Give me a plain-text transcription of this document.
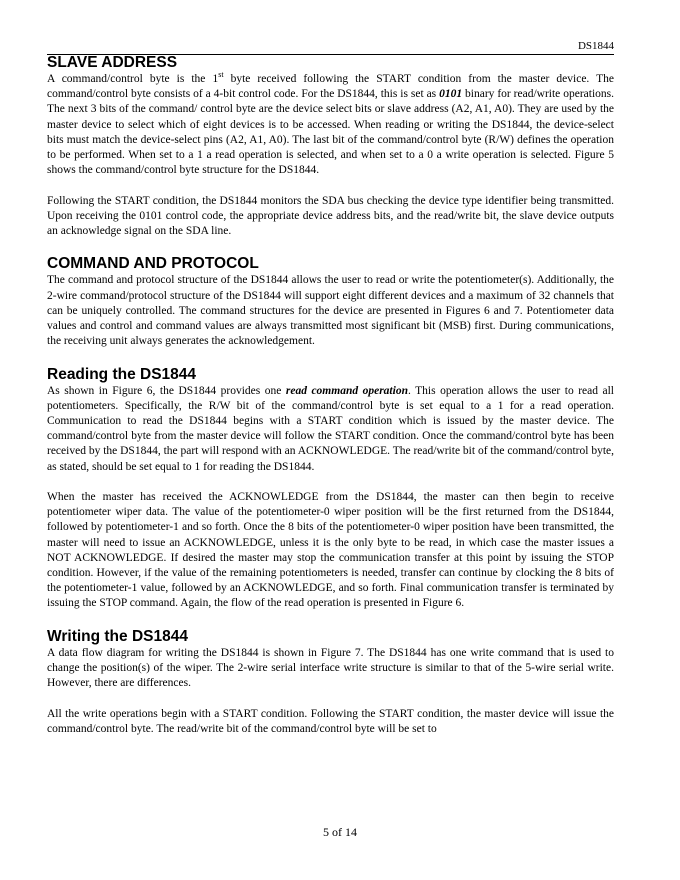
DS1844
SLAVE ADDRESS

A command/control byte is the 1st byte received following the START condition from the master device. The command/control byte consists of a 4-bit control code. For the DS1844, this is set as 0101 binary for read/write operations. The next 3 bits of the command/ control byte are the device select bits or slave address (A2, A1, A0). They are used by the master device to select which of eight devices is to be accessed. When reading or writing the DS1844, the device-select bits must match the device-select pins (A2, A1, A0). The last bit of the command/control byte (R/W) defines the operation to be performed. When set to a 1 a read operation is selected, and when set to a 0 a write operation is selected. Figure 5 shows the command/control byte structure for the DS1844.

Following the START condition, the DS1844 monitors the SDA bus checking the device type identifier being transmitted. Upon receiving the 0101 control code, the appropriate device address bits, and the read/write bit, the slave device outputs an acknowledge signal on the SDA line.

COMMAND AND PROTOCOL

The command and protocol structure of the DS1844 allows the user to read or write the potentiometer(s). Additionally, the 2-wire command/protocol structure of the DS1844 will support eight different devices and a maximum of 32 channels that can be uniquely controlled. The command structures for the device are presented in Figures 6 and 7. Potentiometer data values and control and command values are always transmitted most significant bit (MSB) first. During communications, the receiving unit always generates the acknowledgement.

Reading the DS1844

As shown in Figure 6, the DS1844 provides one read command operation. This operation allows the user to read all potentiometers. Specifically, the R/W bit of the command/control byte is set equal to a 1 for a read operation. Communication to read the DS1844 begins with a START condition which is issued by the master device. The command/control byte from the master device will follow the START condition. Once the command/control byte has been received by the DS1844, the part will respond with an ACKNOWLEDGE. The read/write bit of the command/control byte, as stated, should be set equal to 1 for reading the DS1844.

When the master has received the ACKNOWLEDGE from the DS1844, the master can then begin to receive potentiometer wiper data. The value of the potentiometer-0 wiper position will be the first returned from the DS1844, followed by potentiometer-1 and so forth. Once the 8 bits of the potentiometer-0 wiper position have been transmitted, the master will need to issue an ACKNOWLEDGE, unless it is the only byte to be read, in which case the master issues a NOT ACKNOWLEDGE. If desired the master may stop the communication transfer at this point by issuing the STOP condition. However, if the value of the remaining potentiometers is needed, transfer can continue by clocking the 8 bits of the potentiometer-1 value, followed by an ACKNOWLEDGE, and so forth. Final communication transfer is terminated by issuing the STOP command. Again, the flow of the read operation is presented in Figure 6.

Writing the DS1844

A data flow diagram for writing the DS1844 is shown in Figure 7. The DS1844 has one write command that is used to change the position(s) of the wiper. The 2-wire serial interface write structure is similar to that of the 5-wire serial write. However, there are differences.

All the write operations begin with a START condition. Following the START condition, the master device will issue the command/control byte. The read/write bit of the command/control byte will be set to

5 of 14
